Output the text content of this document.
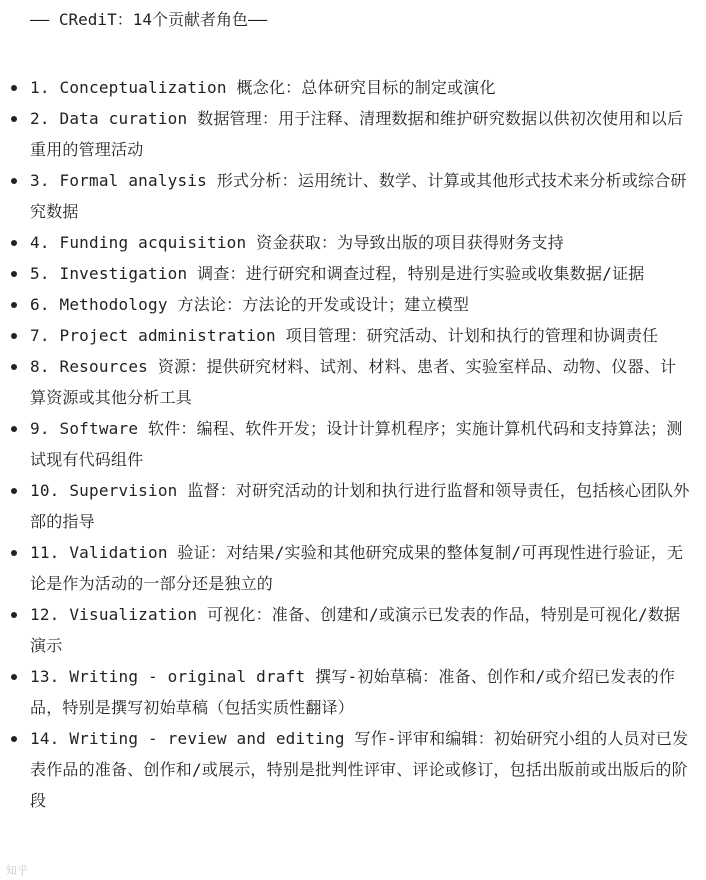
—— CRediT：14个贡献者角色——
1. Conceptualization 概念化：总体研究目标的制定或演化
2. Data curation 数据管理：用于注释、清理数据和维护研究数据以供初次使用和以后重用的管理活动
3. Formal analysis 形式分析：运用统计、数学、计算或其他形式技术来分析或综合研究数据
4. Funding acquisition 资金获取：为导致出版的项目获得财务支持
5. Investigation 调查：进行研究和调查过程，特别是进行实验或收集数据/证据
6. Methodology 方法论：方法论的开发或设计；建立模型
7. Project administration 项目管理：研究活动、计划和执行的管理和协调责任
8. Resources 资源：提供研究材料、试剂、材料、患者、实验室样品、动物、仪器、计算资源或其他分析工具
9. Software 软件：编程、软件开发；设计计算机程序；实施计算机代码和支持算法；测试现有代码组件
10. Supervision 监督：对研究活动的计划和执行进行监督和领导责任，包括核心团队外部的指导
11. Validation 验证：对结果/实验和其他研究成果的整体复制/可再现性进行验证，无论是作为活动的一部分还是独立的
12. Visualization 可视化：准备、创建和/或演示已发表的作品，特别是可视化/数据演示
13. Writing - original draft 撰写-初始草稿：准备、创作和/或介绍已发表的作品，特别是撰写初始草稿（包括实质性翻译）
14. Writing - review and editing 写作-评审和编辑：初始研究小组的人员对已发表作品的准备、创作和/或展示，特别是批判性评审、评论或修订，包括出版前或出版后的阶段
知乎
